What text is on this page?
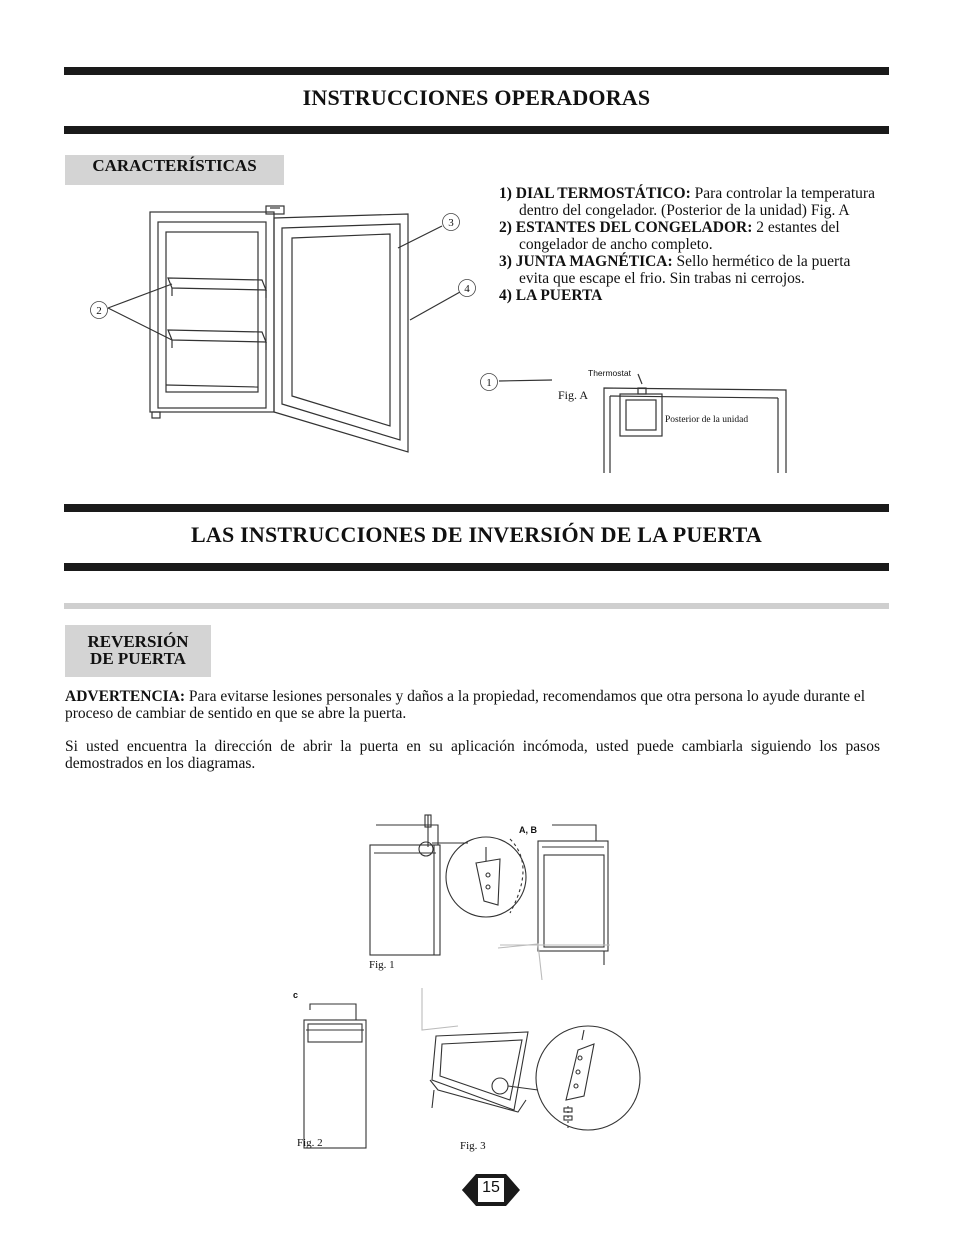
INSTRUCCIONES OPERADORAS
CARACTERÍSTICAS
2
3
4
1) DIAL TERMOSTÁTICO: Para controlar la temperatura dentro del congelador. (Posterior de la unidad) Fig. A
2) ESTANTES DEL CONGELADOR: 2 estantes del congelador de ancho completo.
3) JUNTA MAGNÉTICA: Sello hermético de la puerta evita que escape el frio. Sin trabas ni cerrojos.
4) LA PUERTA
1
Thermostat
Fig. A
Posterior de la unidad
LAS INSTRUCCIONES DE INVERSIÓN DE LA PUERTA
REVERSIÓN
DE PUERTA
ADVERTENCIA: Para evitarse lesiones personales y daños a la propiedad, recomendamos que otra persona lo ayude durante el proceso de cambiar de sentido en que se abre la puerta.
Si usted encuentra la dirección de abrir la puerta en su aplicación incómoda, usted puede cambiarla siguiendo los pasos demostrados en los diagramas.
A, B
Fig. 1
c
Fig. 2	Fig. 3
15
